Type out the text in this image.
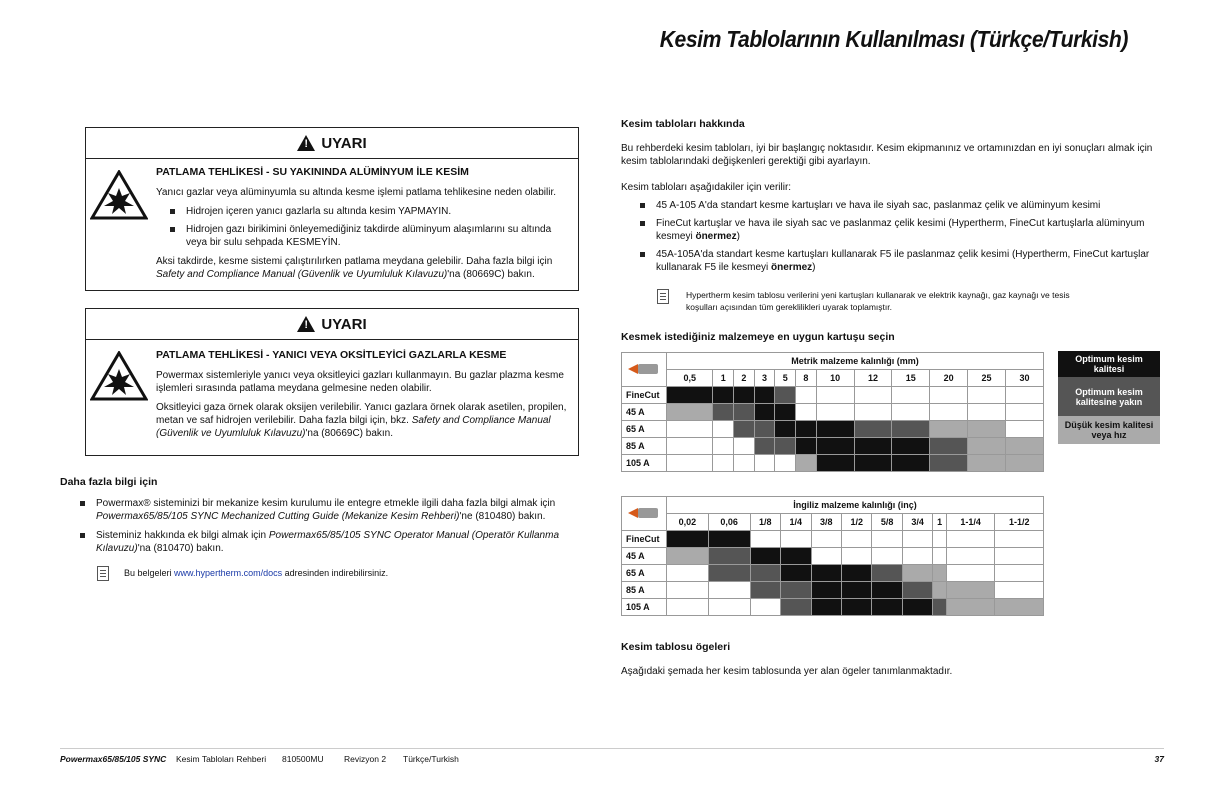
Kesim Tablolarının Kullanılması (Türkçe/Turkish)
!
UYARI
PATLAMA TEHLİKESİ - SU YAKININDA ALÜMİNYUM İLE KESİM

Yanıcı gazlar veya alüminyumla su altında kesme işlemi patlama tehlikesine neden olabilir.

Hidrojen içeren yanıcı gazlarla su altında kesim YAPMAYIN.
Hidrojen gazı birikimini önleyemediğiniz takdirde alüminyum alaşımlarını su altında veya bir sulu sehpada KESMEYİN.

Aksi takdirde, kesme sistemi çalıştırılırken patlama meydana gelebilir. Daha fazla bilgi için Safety and Compliance Manual (Güvenlik ve Uyumluluk Kılavuzu)'na (80669C) bakın.

!
UYARI
PATLAMA TEHLİKESİ - YANICI VEYA OKSİTLEYİCİ GAZLARLA KESME

Powermax sistemleriyle yanıcı veya oksitleyici gazları kullanmayın. Bu gazlar plazma kesme işlemleri sırasında patlama meydana gelmesine neden olabilir.

Oksitleyici gaza örnek olarak oksijen verilebilir. Yanıcı gazlara örnek olarak asetilen, propilen, metan ve saf hidrojen verilebilir. Daha fazla bilgi için, bkz. Safety and Compliance Manual (Güvenlik ve Uyumluluk Kılavuzu)'na (80669C) bakın.

Daha fazla bilgi için
Powermax® sisteminizi bir mekanize kesim kurulumu ile entegre etmekle ilgili daha fazla bilgi almak için Powermax65/85/105 SYNC Mechanized Cutting Guide (Mekanize Kesim Rehberi)'ne (810480) bakın.
Sisteminiz hakkında ek bilgi almak için Powermax65/85/105 SYNC Operator Manual (Operatör Kullanma Kılavuzu)'na (810470) bakın.
Bu belgeleri www.hypertherm.com/docs adresinden indirebilirsiniz.
Kesim tabloları hakkında
Bu rehberdeki kesim tabloları, iyi bir başlangıç noktasıdır. Kesim ekipmanınız ve ortamınızdan en iyi sonuçları almak için kesim tablolarındaki değişkenleri gerektiği gibi ayarlayın.
Kesim tabloları aşağıdakiler için verilir:
45 A-105 A'da standart kesme kartuşları ve hava ile siyah sac, paslanmaz çelik ve alüminyum kesimi
FineCut kartuşlar ve hava ile siyah sac ve paslanmaz çelik kesimi (Hypertherm, FineCut kartuşlarla alüminyum kesmeyi önermez)
45A-105A'da standart kesme kartuşları kullanarak F5 ile paslanmaz çelik kesimi (Hypertherm, FineCut kartuşlar kullanarak F5 ile kesmeyi önermez)
Hypertherm kesim tablosu verilerini yeni kartuşları kullanarak ve elektrik kaynağı, gaz kaynağı ve tesis koşulları açısından tüm gereklilikleri uyarak toplamıştır.
Kesmek istediğiniz malzemeye en uygun kartuşu seçin
	Metrik malzeme kalınlığı (mm)											
	0,5	1	2	3	5	8	10	12	15	20	25	30
FineCut												
45 A												
65 A												
85 A												
105 A												
	İngiliz malzeme kalınlığı (inç)										
	0,02	0,06	1/8	1/4	3/8	1/2	5/8	3/4	1	1-1/4	1-1/2
FineCut											
45 A											
65 A											
85 A											
105 A											
Optimum kesim kalitesi
Optimum kesim kalitesine yakın
Düşük kesim kalitesi veya hız
Kesim tablosu ögeleri
Aşağıdaki şemada her kesim tablosunda yer alan ögeler tanımlanmaktadır.
Powermax65/85/105 SYNC	Kesim Tabloları Rehberi	810500MU	Revizyon 2	Türkçe/Turkish	37
